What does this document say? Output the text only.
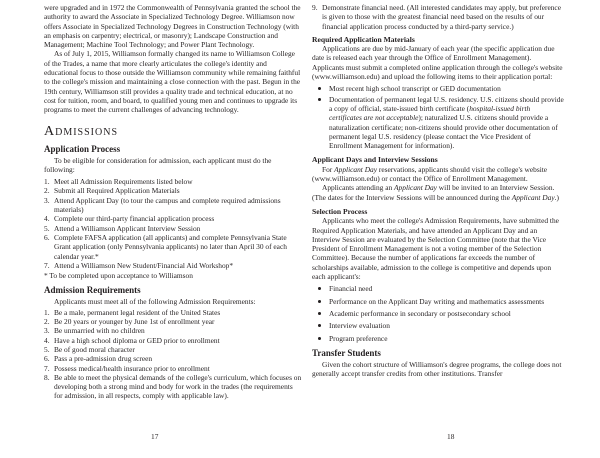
were upgraded and in 1972 the Commonwealth of Pennsylvania granted the school the authority to award the Associate in Specialized Technology Degree. Williamson now offers Associate in Specialized Technology Degrees in Construction Technology (with an emphasis on carpentry; electrical, or masonry); Landscape Construction and Management; Machine Tool Technology; and Power Plant Technology.

As of July 1, 2015, Williamson formally changed its name to Williamson College of the Trades, a name that more clearly articulates the college's identity and educational focus to those outside the Williamson community while remaining faithful to the college's mission and maintaining a close connection with the past. Begun in the 19th century, Williamson still provides a quality trade and technical education, at no cost for tuition, room, and board, to qualified young men and continues to upgrade its programs to meet the current challenges of advancing technology.

Admissions
Application Process

To be eligible for consideration for admission, each applicant must do the following:

1. Meet all Admission Requirements listed below
2. Submit all Required Application Materials
3. Attend Applicant Day (to tour the campus and complete required admissions materials)
4. Complete our third-party financial application process
5. Attend a Williamson Applicant Interview Session
6. Complete FAFSA application (all applicants) and complete Pennsylvania State Grant application (only Pennsylvania applicants) no later than April 30 of each calendar year.*
7. Attend a Williamson New Student/Financial Aid Workshop*

* To be completed upon acceptance to Williamson

Admission Requirements

Applicants must meet all of the following Admission Requirements:

1. Be a male, permanent legal resident of the United States
2. Be 20 years or younger by June 1st of enrollment year
3. Be unmarried with no children
4. Have a high school diploma or GED prior to enrollment
5. Be of good moral character
6. Pass a pre-admission drug screen
7. Possess medical/health insurance prior to enrollment
8. Be able to meet the physical demands of the college's curriculum, which focuses on developing both a strong mind and body for work in the trades (the requirements for admission, in all respects, comply with applicable law).
17
9. Demonstrate financial need. (All interested candidates may apply, but preference is given to those with the greatest financial need based on the results of our financial application process conducted by a third-party service.)
Required Application Materials

Applications are due by mid-January of each year (the specific application due date is released each year through the Office of Enrollment Management). Applicants must submit a completed online application through the college's website (www.williamson.edu) and upload the following items to their application portal:

Most recent high school transcript or GED documentation
Documentation of permanent legal U.S. residency. U.S. citizens should provide a copy of official, state-issued birth certificate (hospital-issued birth certificates are not acceptable); naturalized U.S. citizens should provide a naturalization certificate; non-citizens should provide other documentation of permanent legal U.S. residency (please contact the Vice President of Enrollment Management for information).
Applicant Days and Interview Sessions

For Applicant Day reservations, applicants should visit the college's website (www.williamson.edu) or contact the Office of Enrollment Management.

Applicants attending an Applicant Day will be invited to an Interview Session. (The dates for the Interview Sessions will be announced during the Applicant Day.)

Selection Process

Applicants who meet the college's Admission Requirements, have submitted the Required Application Materials, and have attended an Applicant Day and an Interview Session are evaluated by the Selection Committee (note that the Vice President of Enrollment Management is not a voting member of the Selection Committee). Because the number of applications far exceeds the number of scholarships available, admission to the college is competitive and depends upon each applicant's:

Financial need
Performance on the Applicant Day writing and mathematics assessments
Academic performance in secondary or postsecondary school
Interview evaluation
Program preference
Transfer Students

Given the cohort structure of Williamson's degree programs, the college does not generally accept transfer credits from other institutions. Transfer

18
